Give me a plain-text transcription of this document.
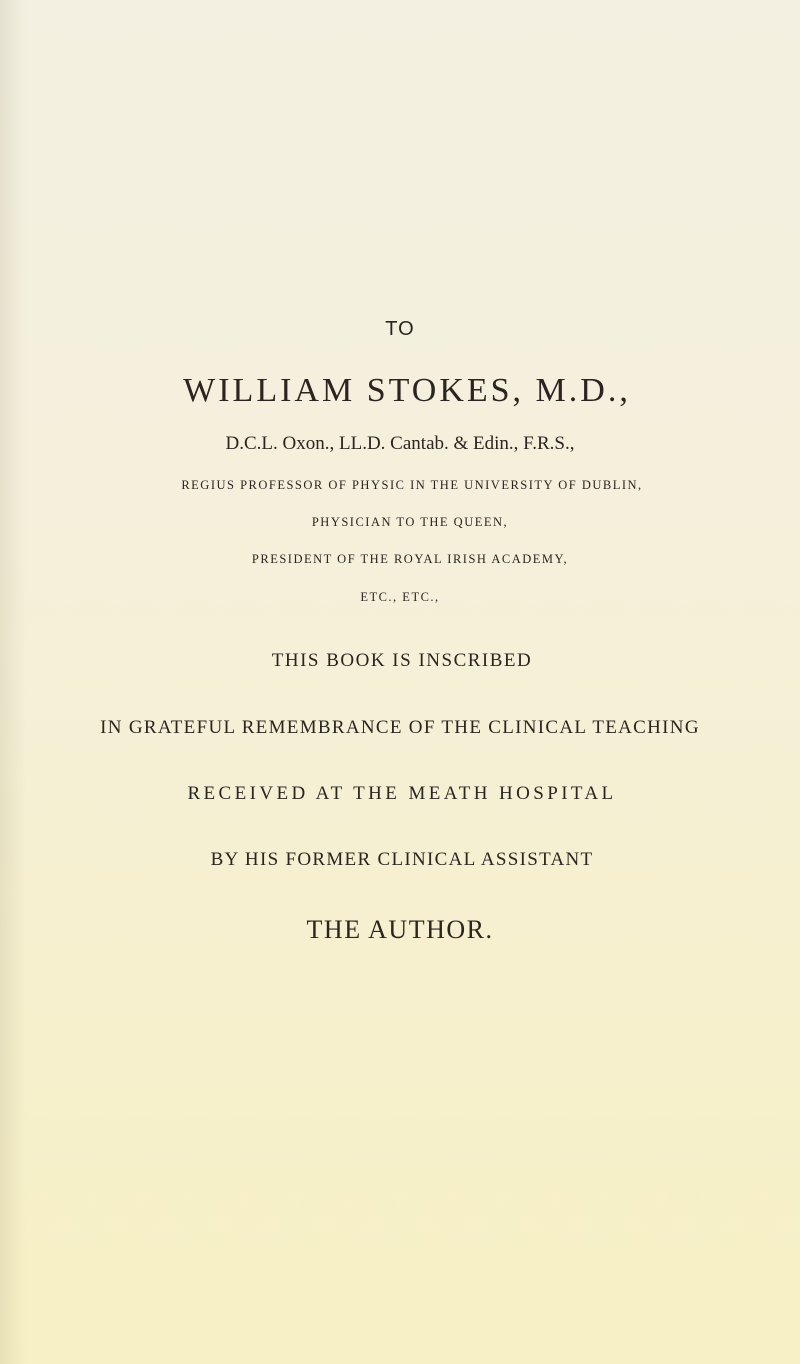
TO
WILLIAM STOKES, M.D.,
D.C.L. Oxon., LL.D. Cantab. & Edin., F.R.S.,
REGIUS PROFESSOR OF PHYSIC IN THE UNIVERSITY OF DUBLIN,
PHYSICIAN TO THE QUEEN,
PRESIDENT OF THE ROYAL IRISH ACADEMY,
ETC., ETC.,
THIS BOOK IS INSCRIBED
IN GRATEFUL REMEMBRANCE OF THE CLINICAL TEACHING
RECEIVED AT THE MEATH HOSPITAL
BY HIS FORMER CLINICAL ASSISTANT
THE AUTHOR.
